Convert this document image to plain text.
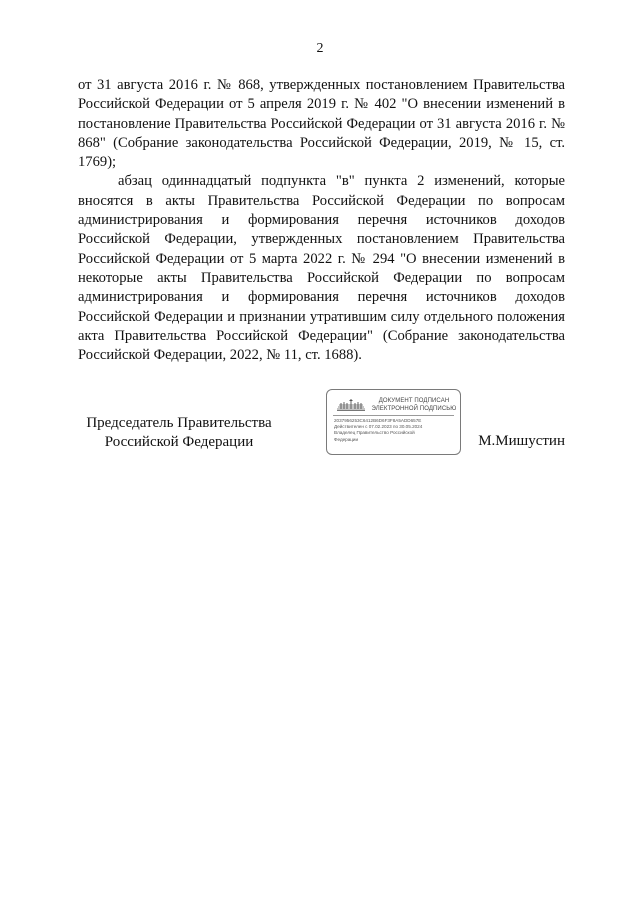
2

от 31 августа 2016 г. № 868, утвержденных постановлением Правительства Российской Федерации от 5 апреля 2019 г. № 402 "О внесении изменений в постановление Правительства Российской Федерации от 31 августа 2016 г. № 868" (Собрание законодательства Российской Федерации, 2019, № 15, ст. 1769);

абзац одиннадцатый подпункта "в" пункта 2 изменений, которые вносятся в акты Правительства Российской Федерации по вопросам администрирования и формирования перечня источников доходов Российской Федерации, утвержденных постановлением Правительства Российской Федерации от 5 марта 2022 г. № 294 "О внесении изменений в некоторые акты Правительства Российской Федерации по вопросам администрирования и формирования перечня источников доходов Российской Федерации и признании утратившим силу отдельного положения акта Правительства Российской Федерации" (Собрание законодательства Российской Федерации, 2022, № 11, ст. 1688).

Председатель Правительства
Российской Федерации
ДОКУМЕНТ ПОДПИСАН
ЭЛЕКТРОННОЙ ПОДПИСЬЮ
2037956253C6412B6D6F3F8A5ADD657E
Действителен с 07.02.2023 по 30.05.2024
Владелец Правительство Российской
Федерации	М.Мишустин
